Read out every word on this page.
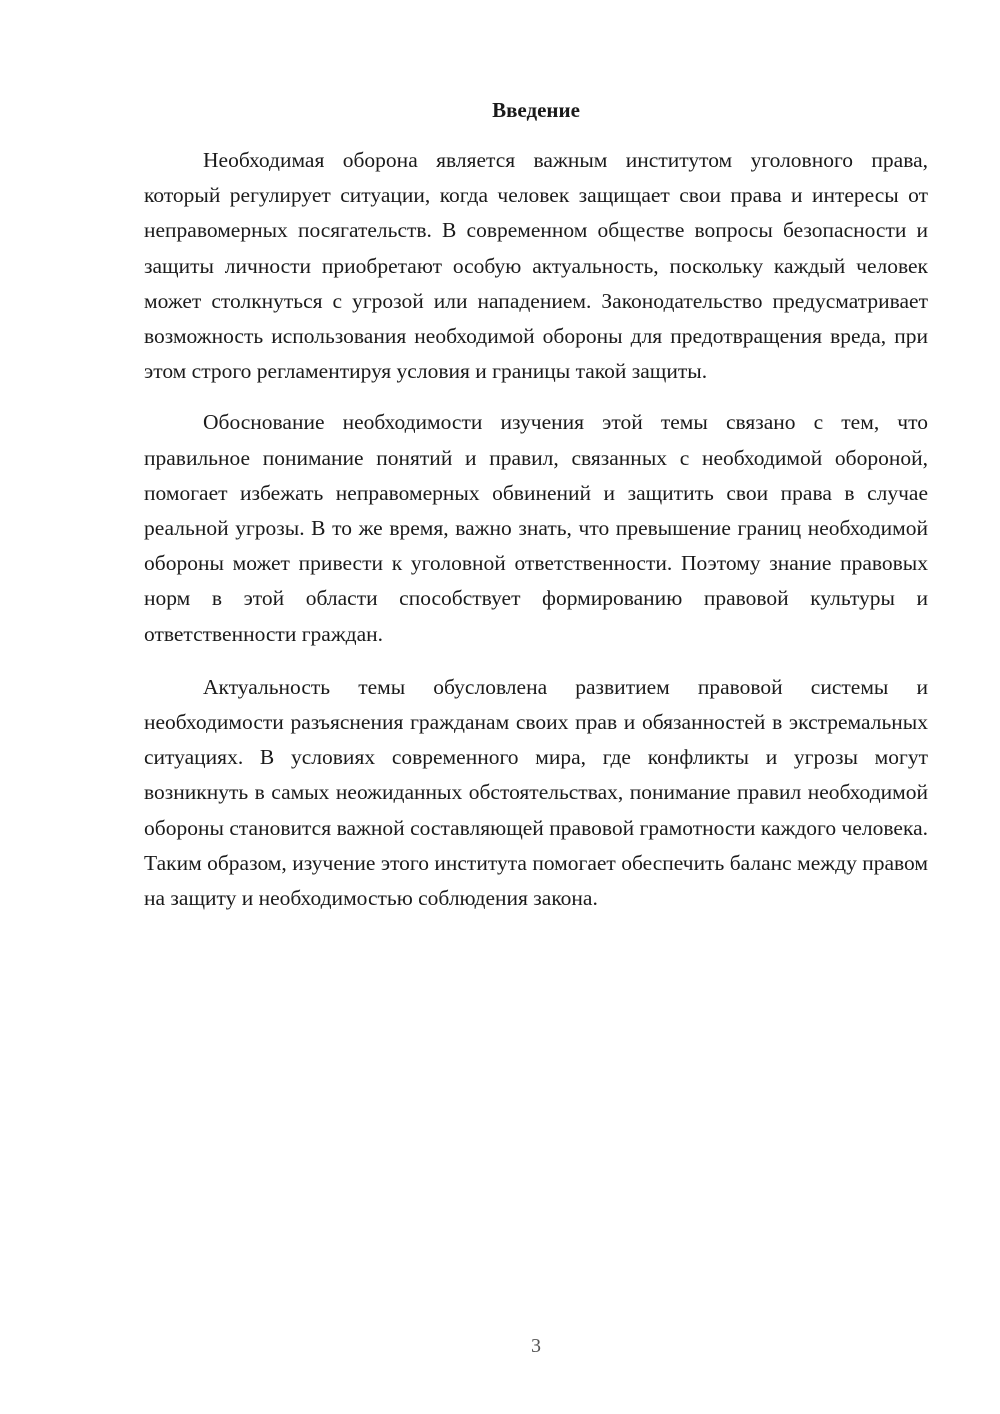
Введение

Необходимая оборона является важным институтом уголовного права, который регулирует ситуации, когда человек защищает свои права и интересы от неправомерных посягательств. В современном обществе вопросы безопасности и защиты личности приобретают особую актуальность, поскольку каждый человек может столкнуться с угрозой или нападением. Законодательство предусматривает возможность использования необходимой обороны для предотвращения вреда, при этом строго регламентируя условия и границы такой защиты.

Обоснование необходимости изучения этой темы связано с тем, что правильное понимание понятий и правил, связанных с необходимой обороной, помогает избежать неправомерных обвинений и защитить свои права в случае реальной угрозы. В то же время, важно знать, что превышение границ необходимой обороны может привести к уголовной ответственности. Поэтому знание правовых норм в этой области способствует формированию правовой культуры и ответственности граждан.

Актуальность темы обусловлена развитием правовой системы и необходимости разъяснения гражданам своих прав и обязанностей в экстремальных ситуациях. В условиях современного мира, где конфликты и угрозы могут возникнуть в самых неожиданных обстоятельствах, понимание правил необходимой обороны становится важной составляющей правовой грамотности каждого человека. Таким образом, изучение этого института помогает обеспечить баланс между правом на защиту и необходимостью соблюдения закона.

3
